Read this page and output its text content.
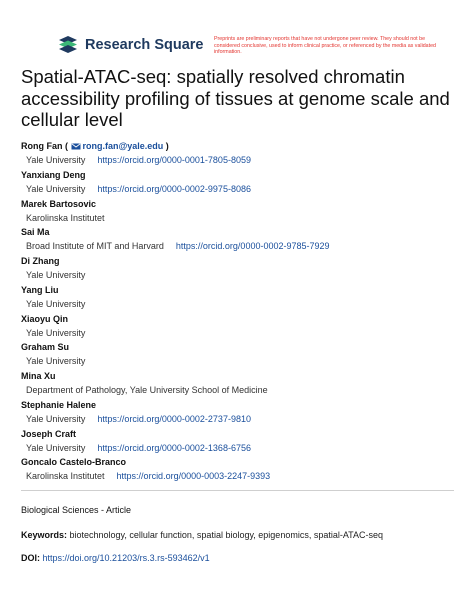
Research Square Preprints are preliminary reports that have not undergone peer review. They should not be considered conclusive, used to inform clinical practice, or referenced by the media as validated information.
Spatial-ATAC-seq: spatially resolved chromatin accessibility profiling of tissues at genome scale and cellular level
Rong Fan ( rong.fan@yale.edu )
Yale University https://orcid.org/0000-0001-7805-8059
Yanxiang Deng
Yale University https://orcid.org/0000-0002-9975-8086
Marek Bartosovic
Karolinska Institutet
Sai Ma
Broad Institute of MIT and Harvard https://orcid.org/0000-0002-9785-7929
Di Zhang
Yale University
Yang Liu
Yale University
Xiaoyu Qin
Yale University
Graham Su
Yale University
Mina Xu
Department of Pathology, Yale University School of Medicine
Stephanie Halene
Yale University https://orcid.org/0000-0002-2737-9810
Joseph Craft
Yale University https://orcid.org/0000-0002-1368-6756
Goncalo Castelo-Branco
Karolinska Institutet https://orcid.org/0000-0003-2247-9393
Biological Sciences - Article
Keywords: biotechnology, cellular function, spatial biology, epigenomics, spatial-ATAC-seq
DOI: https://doi.org/10.21203/rs.3.rs-593462/v1
